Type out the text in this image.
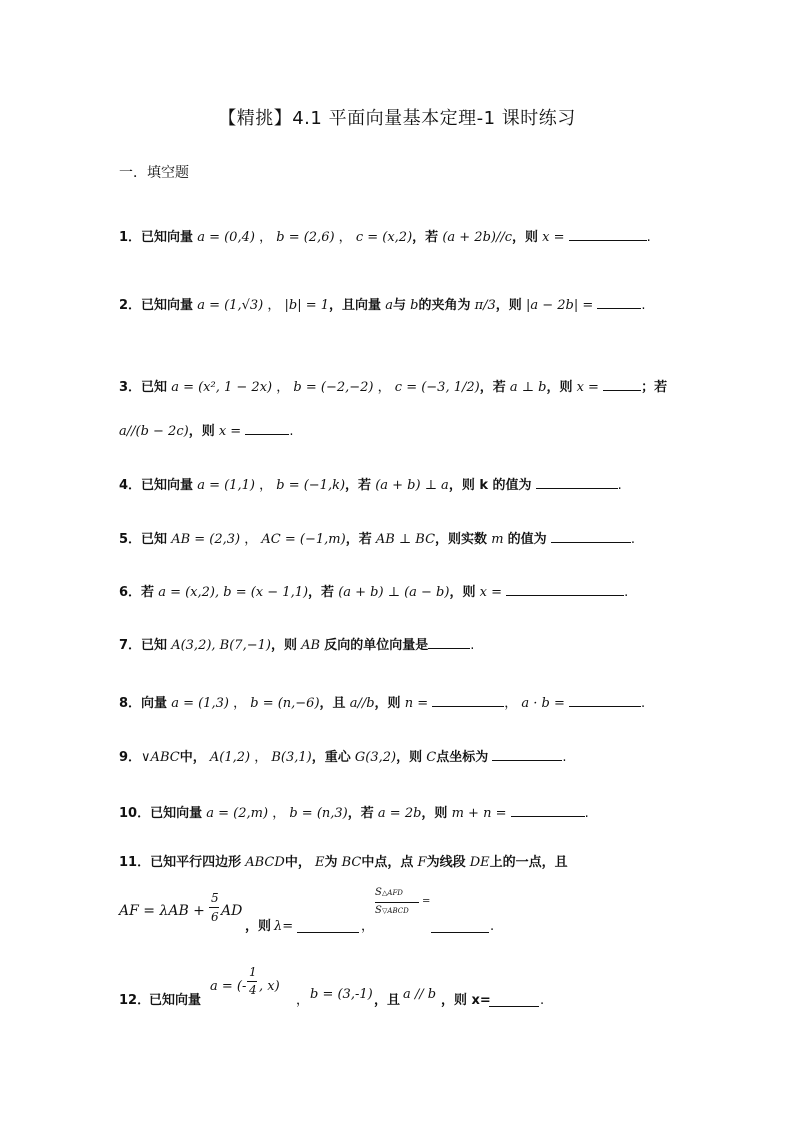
【精挑】4.1 平面向量基本定理-1 课时练习
一．填空题
1．已知向量 a = (0,4) ， b = (2,6) ， c = (x,2)，若 (a + 2b)//c，则 x =	.
2．已知向量 a = (1,√3) ， |b| = 1，且向量 a与 b的夹角为 π/3，则 |a − 2b| =	.
3．已知 a = (x², 1 − 2x) ， b = (−2,−2) ， c = (−3, 1/2)，若 a ⊥ b，则 x =	；若
a//(b − 2c)，则 x =	.
4．已知向量 a = (1,1) ， b = (−1,k)，若 (a + b) ⊥ a，则 k 的值为	.
5．已知 AB = (2,3) ， AC = (−1,m)，若 AB ⊥ BC，则实数 m 的值为	.
6．若 a = (x,2), b = (x − 1,1)，若 (a + b) ⊥ (a − b)，则 x =	.
7．已知 A(3,2), B(7,−1)，则 AB 反向的单位向量是	.
8．向量 a = (1,3) ， b = (n,−6)，且 a//b，则 n =	， a · b =	.
9．∨ABC中， A(1,2) ， B(3,1)，重心 G(3,2)，则 C点坐标为	.
10．已知向量 a = (2,m) ， b = (n,3)，若 a = 2b，则 m + n =	.
11．已知平行四边形 ABCD中， E为 BC中点，点 F为线段 DE上的一点，且
AF = λAB +
5
6 AD
，则 λ=	，
S △AFD
S ▽ABCD
=
.
12．
已知向量
a = (-
1
4 , x)
， b = (3,-1) ，且 a // b ，则 x=	.
